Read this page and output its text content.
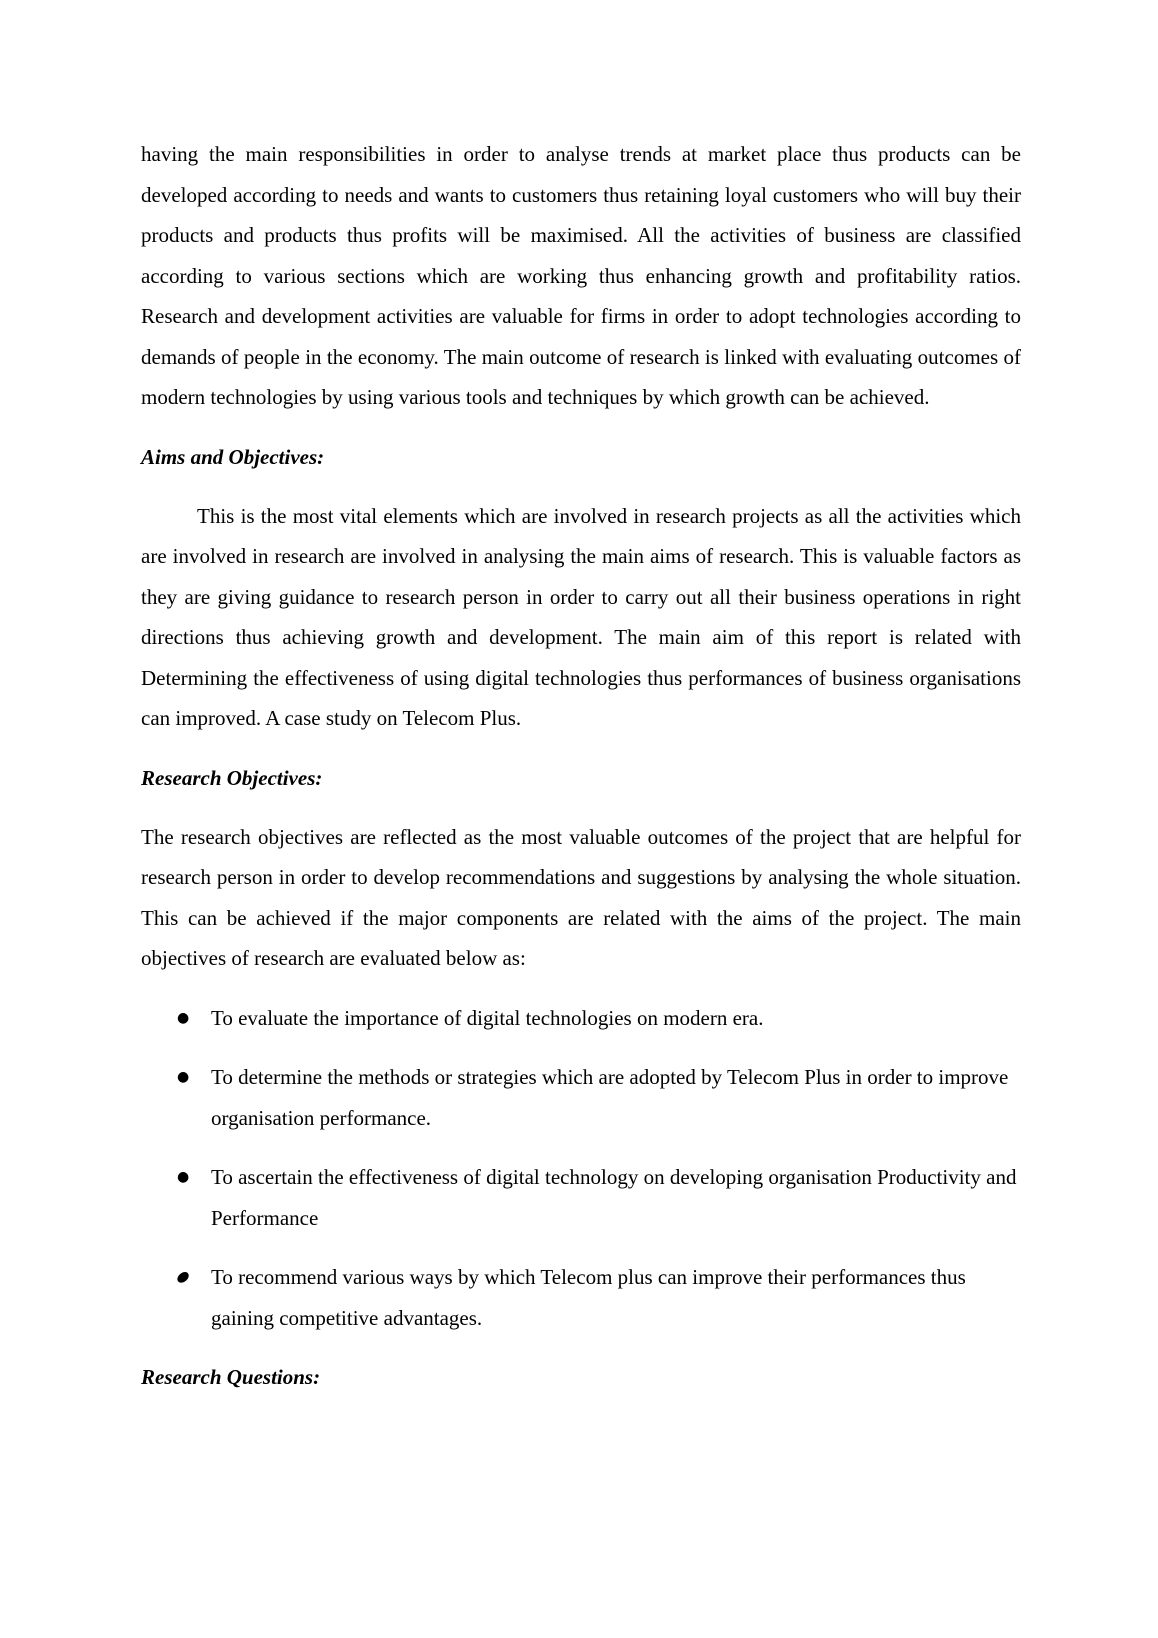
having the main responsibilities in order to analyse trends at market place thus products can be developed according to needs and wants to customers thus retaining loyal customers who will buy their products and products thus profits will be maximised. All the activities of business are classified according to various sections which are working thus enhancing growth and profitability ratios. Research and development activities are valuable for firms in order to adopt technologies according to demands of people in the economy. The main outcome of research is linked with evaluating outcomes of modern technologies by using various tools and techniques by which growth can be achieved.

Aims and Objectives:

This is the most vital elements which are involved in research projects as all the activities which are involved in research are involved in analysing the main aims of research. This is valuable factors as they are giving guidance to research person in order to carry out all their business operations in right directions thus achieving growth and development. The main aim of this report is related with Determining the effectiveness of using digital technologies thus performances of business organisations can improved. A case study on Telecom Plus.

Research Objectives:

The research objectives are reflected as the most valuable outcomes of the project that are helpful for research person in order to develop recommendations and suggestions by analysing the whole situation. This can be achieved if the major components are related with the aims of the project. The main objectives of research are evaluated below as:

● To evaluate the importance of digital technologies on modern era.
● To determine the methods or strategies which are adopted by Telecom Plus in order to improve organisation performance.
● To ascertain the effectiveness of digital technology on developing organisation Productivity and Performance
● To recommend various ways by which Telecom plus can improve their performances thus gaining competitive advantages.
Research Questions:
